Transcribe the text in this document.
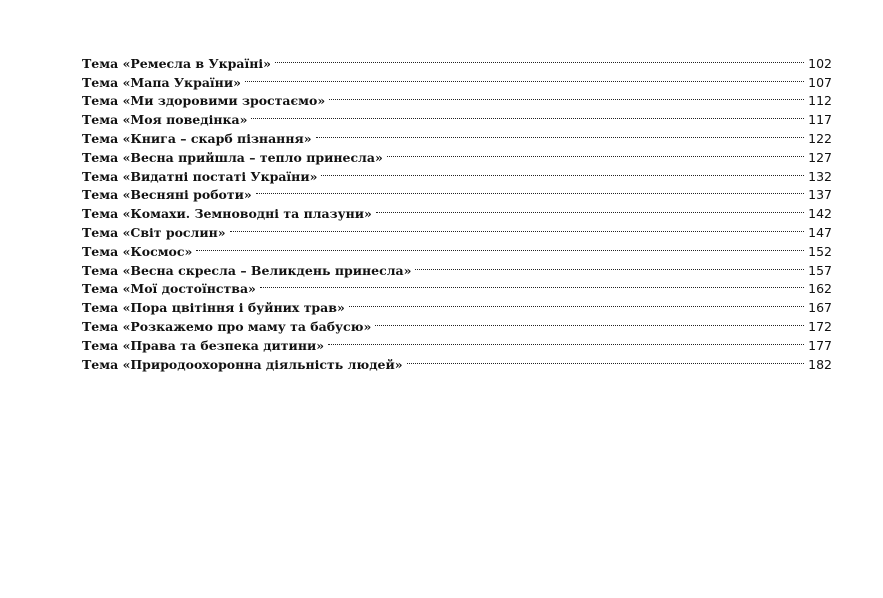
Тема «Ремесла в Україні»	102
Тема «Мапа України»	107
Тема «Ми здоровими зростаємо»	112
Тема «Моя поведінка»	117
Тема «Книга – скарб пізнання»	122
Тема «Весна прийшла – тепло принесла»	127
Тема «Видатні постаті України»	132
Тема «Весняні роботи»	137
Тема «Комахи. Земноводні та плазуни»	142
Тема «Світ рослин»	147
Тема «Космос»	152
Тема «Весна скресла – Великдень принесла»	157
Тема «Мої достоїнства»	162
Тема «Пора цвітіння і буйних трав»	167
Тема «Розкажемо про маму та бабусю»	172
Тема «Права та безпека дитини»	177
Тема «Природоохоронна діяльність людей»	182
